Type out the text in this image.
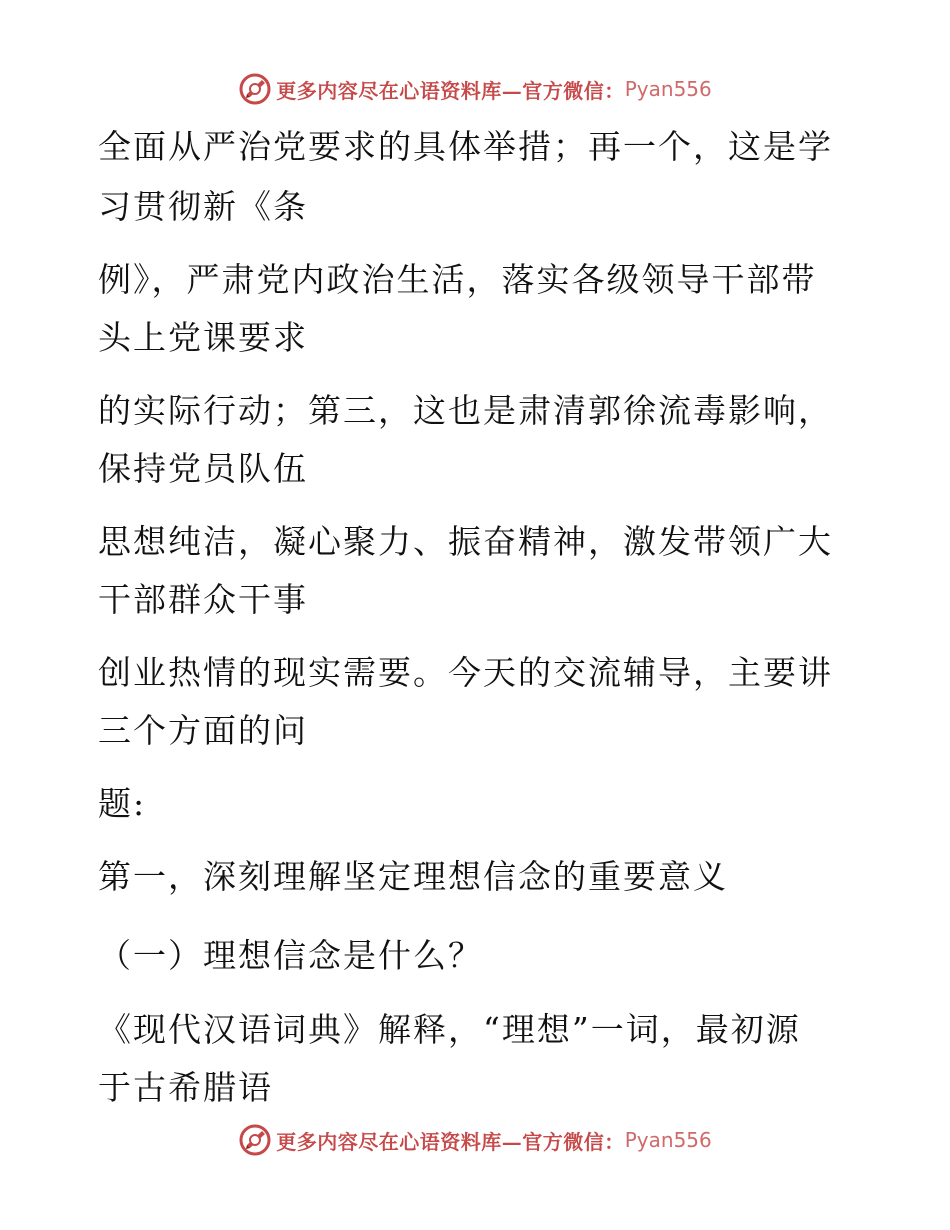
更多内容尽在心语资料库—官方微信： Pyan556
全面从严治党要求的具体举措；再一个，这是学
习贯彻新《条
例》，严肃党内政治生活，落实各级领导干部带
头上党课要求
的实际行动；第三，这也是肃清郭徐流毒影响，
保持党员队伍
思想纯洁，凝心聚力、振奋精神，激发带领广大
干部群众干事
创业热情的现实需要。今天的交流辅导，主要讲
三个方面的问
题:
第一，深刻理解坚定理想信念的重要意义
（一）理想信念是什么？
《现代汉语词典》解释，“理想”一词，最初源
于古希腊语
更多内容尽在心语资料库—官方微信： Pyan556
